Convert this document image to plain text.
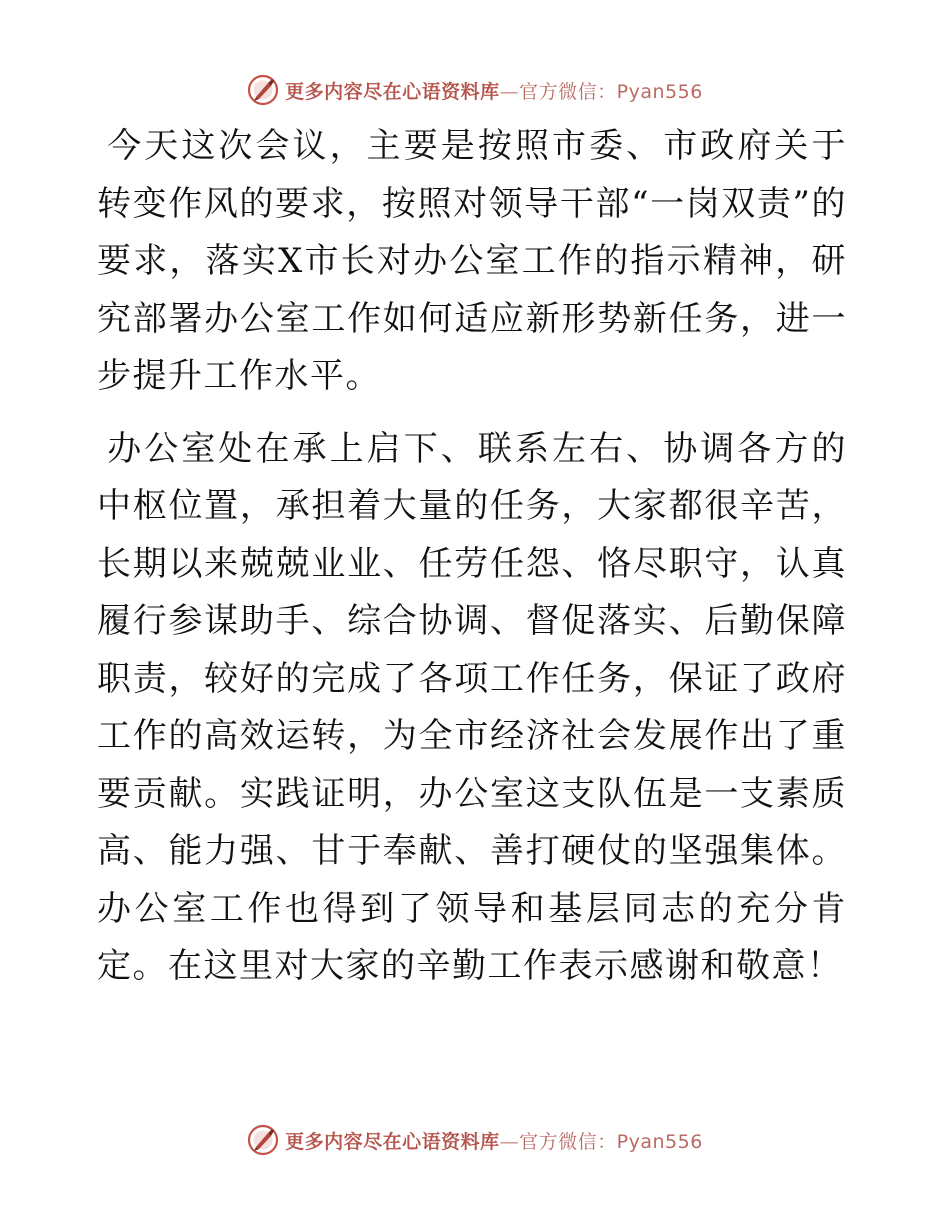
更多内容尽在心语资料库—官方微信：Pyan556

今天这次会议，主要是按照市委、市政府关于转变作风的要求，按照对领导干部“一岗双责”的要求，落实X市长对办公室工作的指示精神，研究部署办公室工作如何适应新形势新任务，进一步提升工作水平。

办公室处在承上启下、联系左右、协调各方的中枢位置，承担着大量的任务，大家都很辛苦，长期以来兢兢业业、任劳任怨、恪尽职守，认真履行参谋助手、综合协调、督促落实、后勤保障职责，较好的完成了各项工作任务，保证了政府工作的高效运转，为全市经济社会发展作出了重要贡献。实践证明，办公室这支队伍是一支素质高、能力强、甘于奉献、善打硬仗的坚强集体。办公室工作也得到了领导和基层同志的充分肯定。在这里对大家的辛勤工作表示感谢和敬意！

更多内容尽在心语资料库—官方微信：Pyan556
